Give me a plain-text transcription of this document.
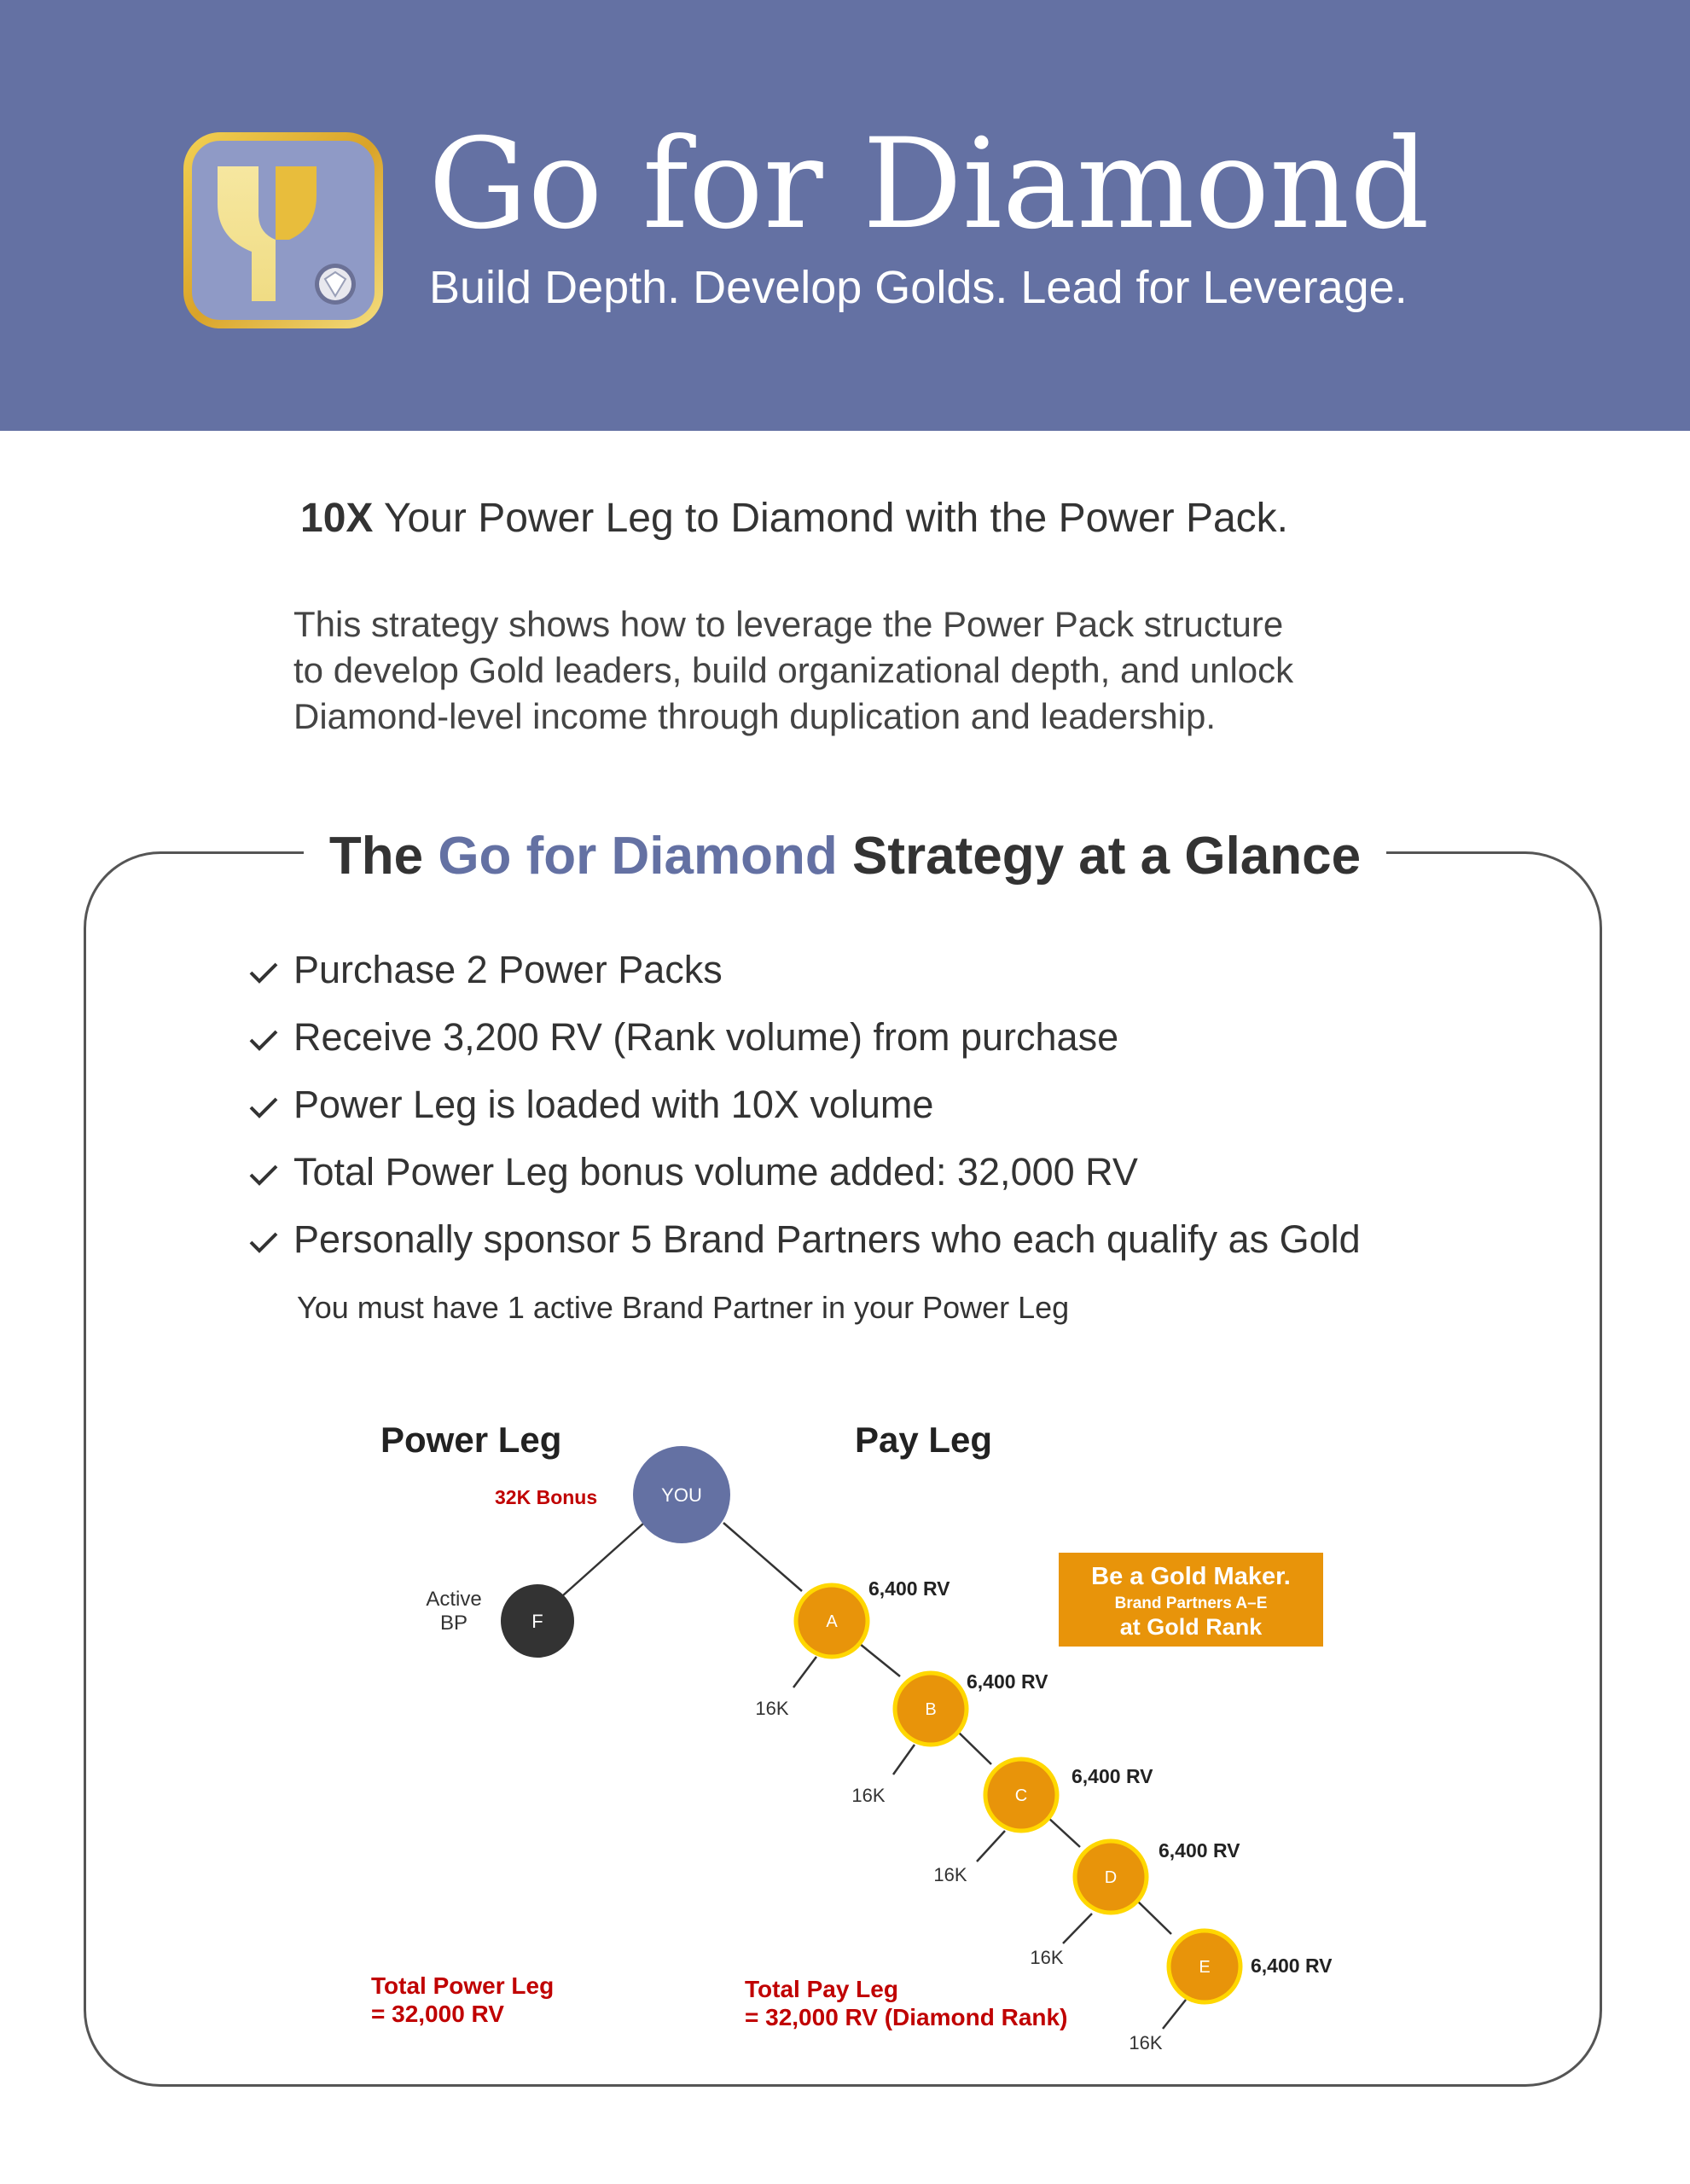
Go for Diamond
Build Depth. Develop Golds. Lead for Leverage.
10X Your Power Leg to Diamond with the Power Pack.
This strategy shows how to leverage the Power Pack structure
to develop Gold leaders, build organizational depth, and unlock
Diamond-level income through duplication and leadership.
The Go for Diamond Strategy at a Glance
Purchase 2 Power Packs
Receive 3,200 RV (Rank volume) from purchase
Power Leg is loaded with 10X volume
Total Power Leg bonus volume added: 32,000 RV
Personally sponsor 5 Brand Partners who each qualify as Gold
You must have 1 active Brand Partner in your Power Leg
Power Leg	Pay Leg
YOU
32K Bonus
F
Active
BP	A
6,400 RV
16K	B
6,400 RV
16K	C
6,400 RV
16K	D
6,400 RV
16K	E 6,400 RV
16K
Be a Gold Maker.
Brand Partners A–E
at Gold Rank
Total Power Leg
= 32,000 RV
Total Pay Leg
= 32,000 RV (Diamond Rank)
